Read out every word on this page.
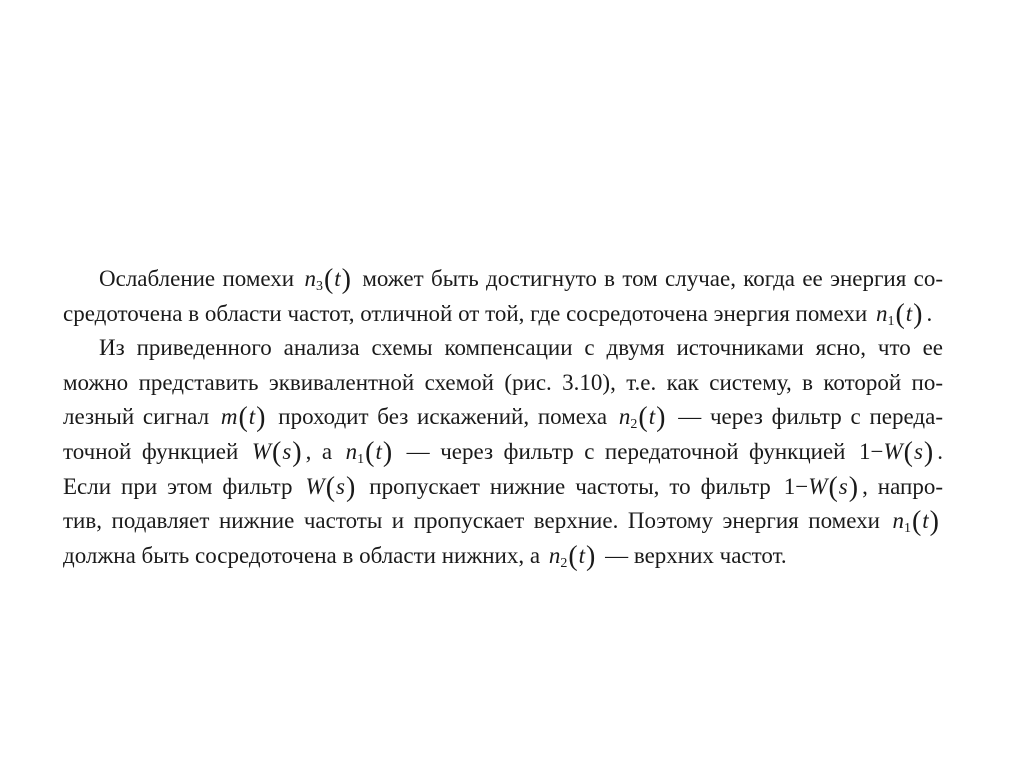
Ослабление помехи $n_3(t)$ может быть достигнуто в том случае, когда ее энергия со-
средоточена в области частот, отличной от той, где сосредоточена энергия помехи $n_1(t)$ .
Из приведенного анализа схемы компенсации с двумя источниками ясно, что ее
можно представить эквивалентной схемой (рис. 3.10), т.е. как систему, в которой по-
лезный сигнал m(t) проходит без искажений, помеха $n_2(t)$ — через фильтр с переда-
точной функцией W(s) , а $n_1(t)$ — через фильтр с передаточной функцией 1−W(s) .
Если при этом фильтр W(s) пропускает нижние частоты, то фильтр 1−W(s) , напро-
тив, подавляет нижние частоты и пропускает верхние. Поэтому энергия помехи $n_1(t)$
должна быть сосредоточена в области нижних, а $n_2(t)$ — верхних частот.
